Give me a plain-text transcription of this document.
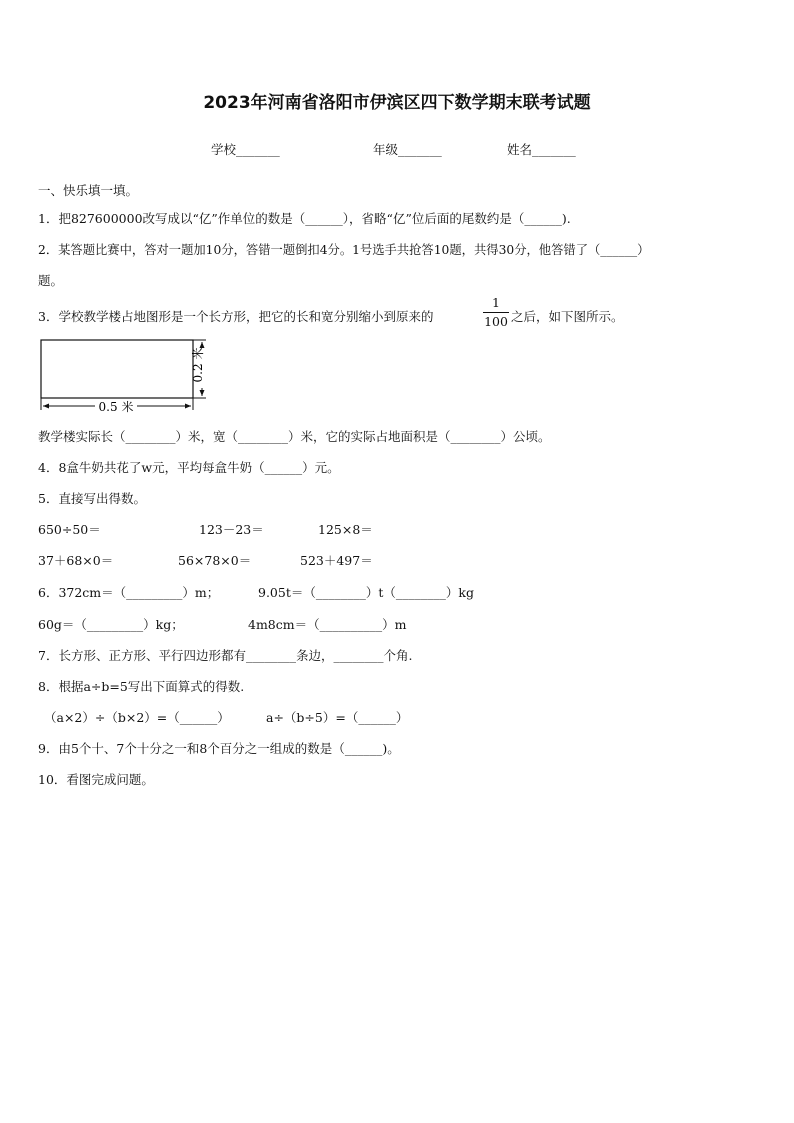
2023年河南省洛阳市伊滨区四下数学期末联考试题
学校_______	年级_______	姓名_______
一、快乐填一填。
1．把827600000改写成以“亿”作单位的数是（______），省略“亿”位后面的尾数约是（______).
2．某答题比赛中，答对一题加10分，答错一题倒扣4分。1号选手共抢答10题，共得30分，他答错了（______）
题。
3．学校教学楼占地图形是一个长方形，把它的长和宽分别缩小到原来的
1
100 之后，如下图所示。
0.5 米
0.2 米
教学楼实际长（________）米，宽（________）米，它的实际占地面积是（________）公顷。
4．8盒牛奶共花了w元，平均每盒牛奶（______）元。
5．直接写出得数。
650÷50＝	123－23＝	125×8＝
37＋68×0＝	56×78×0＝	523＋497＝
6．372cm＝（_________）m；	9.05t＝（________）t（________）kg
60g＝（_________）kg；	4m8cm＝（__________）m
7．长方形、正方形、平行四边形都有________条边，________个角.
8．根据a÷b=5写出下面算式的得数.
（a×2）÷（b×2）=（______）	a÷（b÷5）=（______）
9．由5个十、7个十分之一和8个百分之一组成的数是（______)。
10．看图完成问题。
